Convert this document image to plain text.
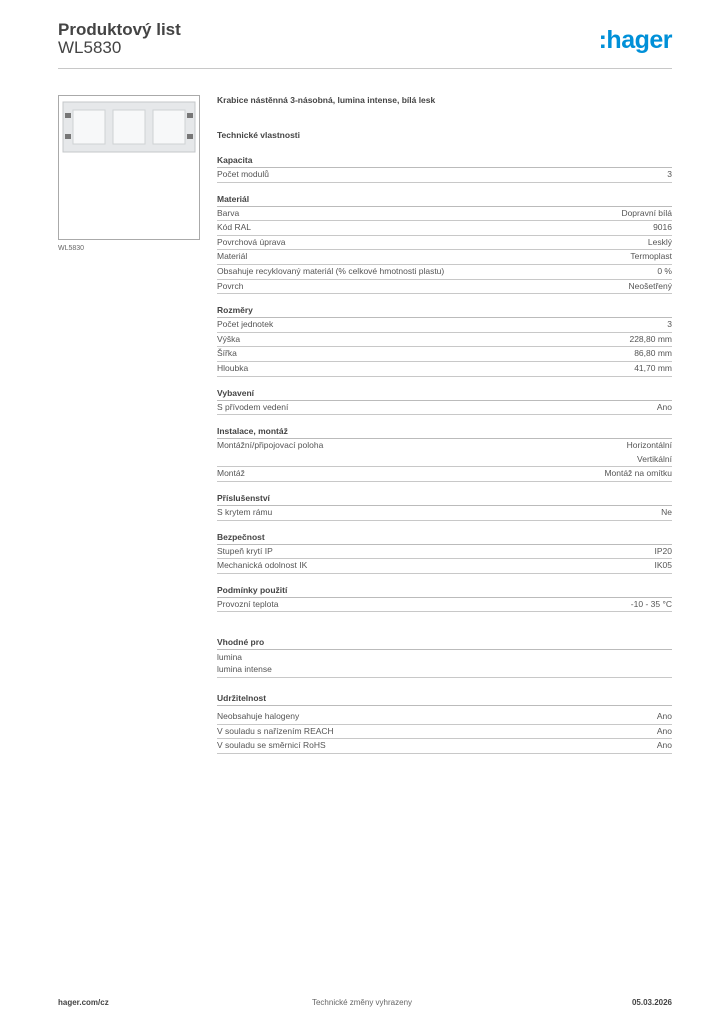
Produktový list
WL5830	:hager
WL5830
Krabice nástěnná 3-násobná, lumina intense, bílá lesk
Technické vlastnosti
Kapacita
Počet modulů	3
Materiál
Barva	Dopravní bílá
Kód RAL	9016
Povrchová úprava	Lesklý
Materiál	Termoplast
Obsahuje recyklovaný materiál (% celkové hmotnosti plastu)	0 %
Povrch	Neošetřený
Rozměry
Počet jednotek	3
Výška	228,80 mm
Šířka	86,80 mm
Hloubka	41,70 mm
Vybavení
S přívodem vedení	Ano
Instalace, montáž
Montážní/připojovací poloha	Horizontální
Vertikální
Montáž	Montáž na omítku
Příslušenství
S krytem rámu	Ne
Bezpečnost
Stupeň krytí IP	IP20
Mechanická odolnost IK	IK05
Podmínky použití
Provozní teplota	-10 - 35 °C
Vhodné pro
lumina
lumina intense
Udržitelnost
Neobsahuje halogeny	Ano
V souladu s nařízením REACH	Ano
V souladu se směrnicí RoHS	Ano
hager.com/cz	Technické změny vyhrazeny	05.03.2026
